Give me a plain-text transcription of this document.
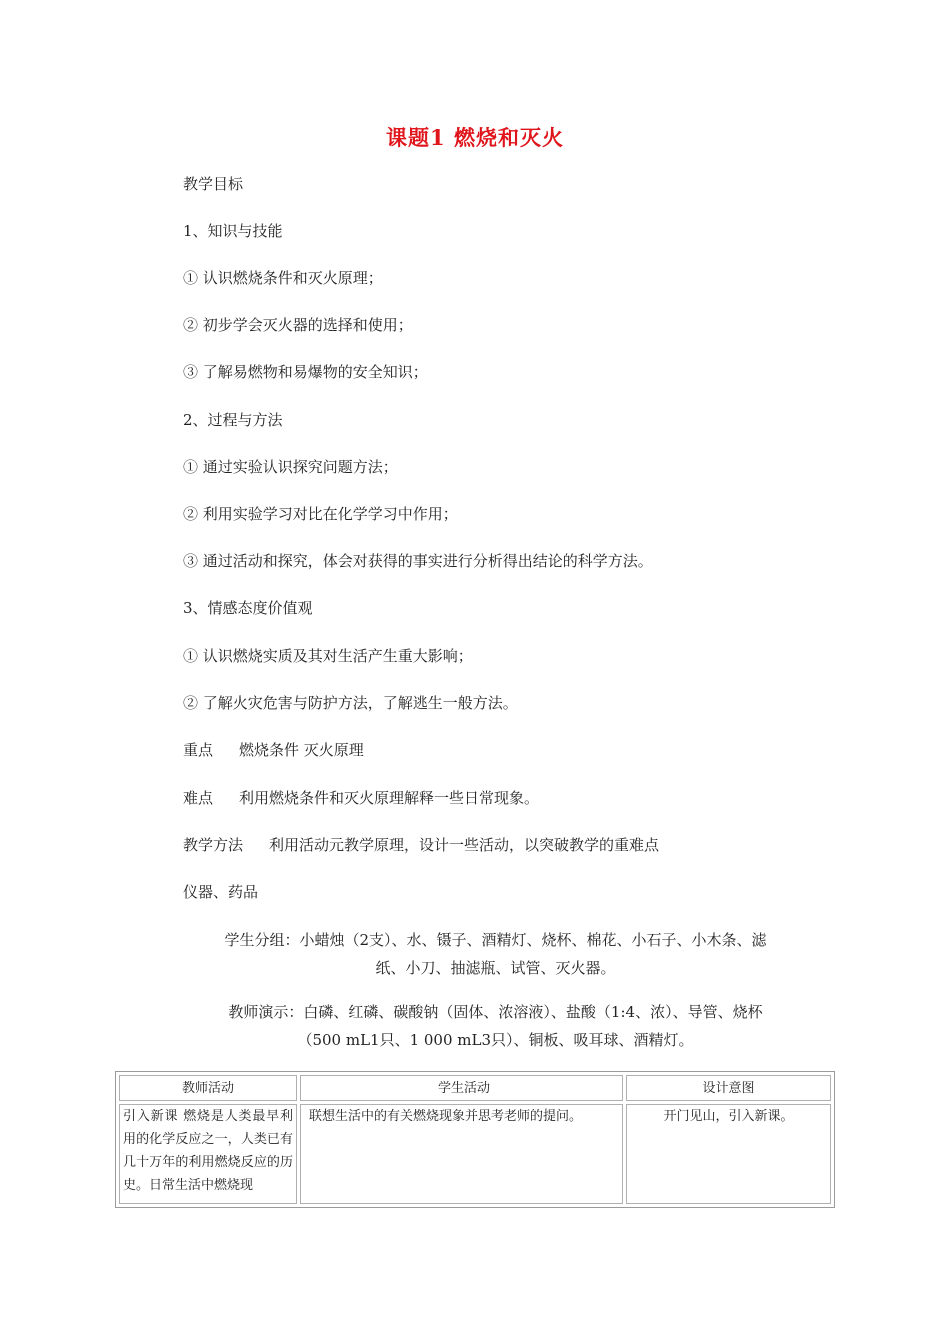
课题1 燃烧和灭火
教学目标
1、知识与技能
① 认识燃烧条件和灭火原理；
② 初步学会灭火器的选择和使用；
③ 了解易燃物和易爆物的安全知识；
2、过程与方法
① 通过实验认识探究问题方法；
② 利用实验学习对比在化学学习中作用；
③ 通过活动和探究，体会对获得的事实进行分析得出结论的科学方法。
3、情感态度价值观
① 认识燃烧实质及其对生活产生重大影响；
② 了解火灾危害与防护方法，了解逃生一般方法。
重点 燃烧条件 灭火原理
难点 利用燃烧条件和灭火原理解释一些日常现象。
教学方法 利用活动元教学原理，设计一些活动，以突破教学的重难点
仪器、药品
学生分组：小蜡烛（2支）、水、镊子、酒精灯、烧杯、棉花、小石子、小木条、滤
纸、小刀、抽滤瓶、试管、灭火器。
教师演示：白磷、红磷、碳酸钠（固体、浓溶液）、盐酸（1:4、浓）、导管、烧杯
（500 mL1只、1 000 mL3只）、铜板、吸耳球、酒精灯。
教师活动	学生活动	设计意图
引入新课 燃烧是人类最早利用的化学反应之一，人类已有几十万年的利用燃烧反应的历史。日常生活中燃烧现	联想生活中的有关燃烧现象并思考老师的提问。	开门见山，引入新课。
